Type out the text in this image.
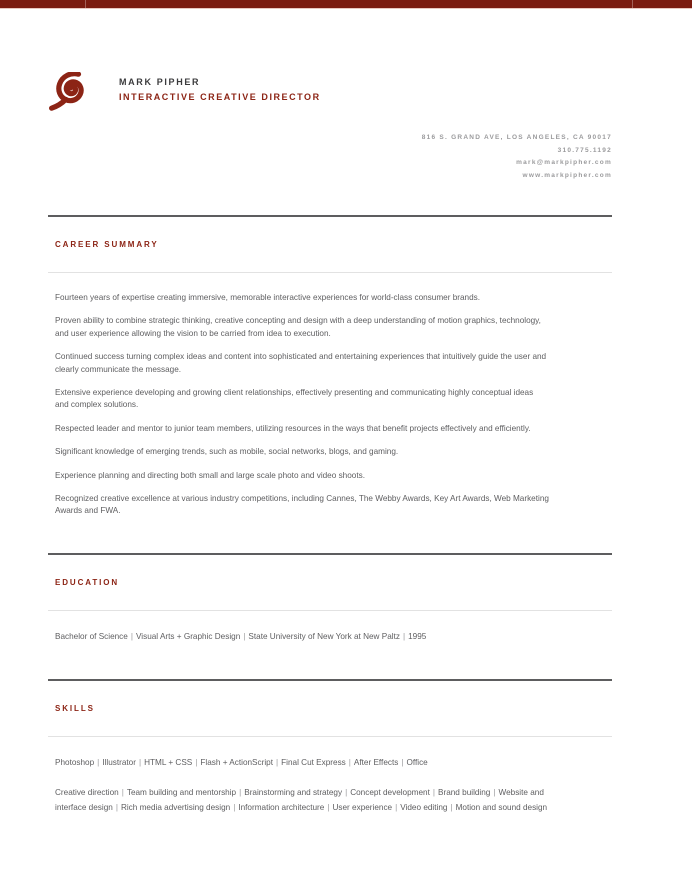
MARK PIPHER
INTERACTIVE CREATIVE DIRECTOR
816 S. GRAND AVE, LOS ANGELES, CA 90017
310.775.1192
mark@markpipher.com
www.markpipher.com
CAREER SUMMARY

Fourteen years of expertise creating immersive, memorable interactive experiences for world-class consumer brands.

Proven ability to combine strategic thinking, creative concepting and design with a deep understanding of motion graphics, technology, and user experience allowing the vision to be carried from idea to execution.

Continued success turning complex ideas and content into sophisticated and entertaining experiences that intuitively guide the user and clearly communicate the message.

Extensive experience developing and growing client relationships, effectively presenting and communicating highly conceptual ideas and complex solutions.

Respected leader and mentor to junior team members, utilizing resources in the ways that benefit projects effectively and efficiently.

Significant knowledge of emerging trends, such as mobile, social networks, blogs, and gaming.

Experience planning and directing both small and large scale photo and video shoots.

Recognized creative excellence at various industry competitions, including Cannes, The Webby Awards, Key Art Awards, Web Marketing Awards and FWA.

EDUCATION
Bachelor of Science | Visual Arts + Graphic Design | State University of New York at New Paltz | 1995
SKILLS
Photoshop | Illustrator | HTML + CSS | Flash + ActionScript | Final Cut Express | After Effects | Office
Creative direction | Team building and mentorship | Brainstorming and strategy | Concept development | Brand building | Website and interface design | Rich media advertising design | Information architecture | User experience | Video editing | Motion and sound design
